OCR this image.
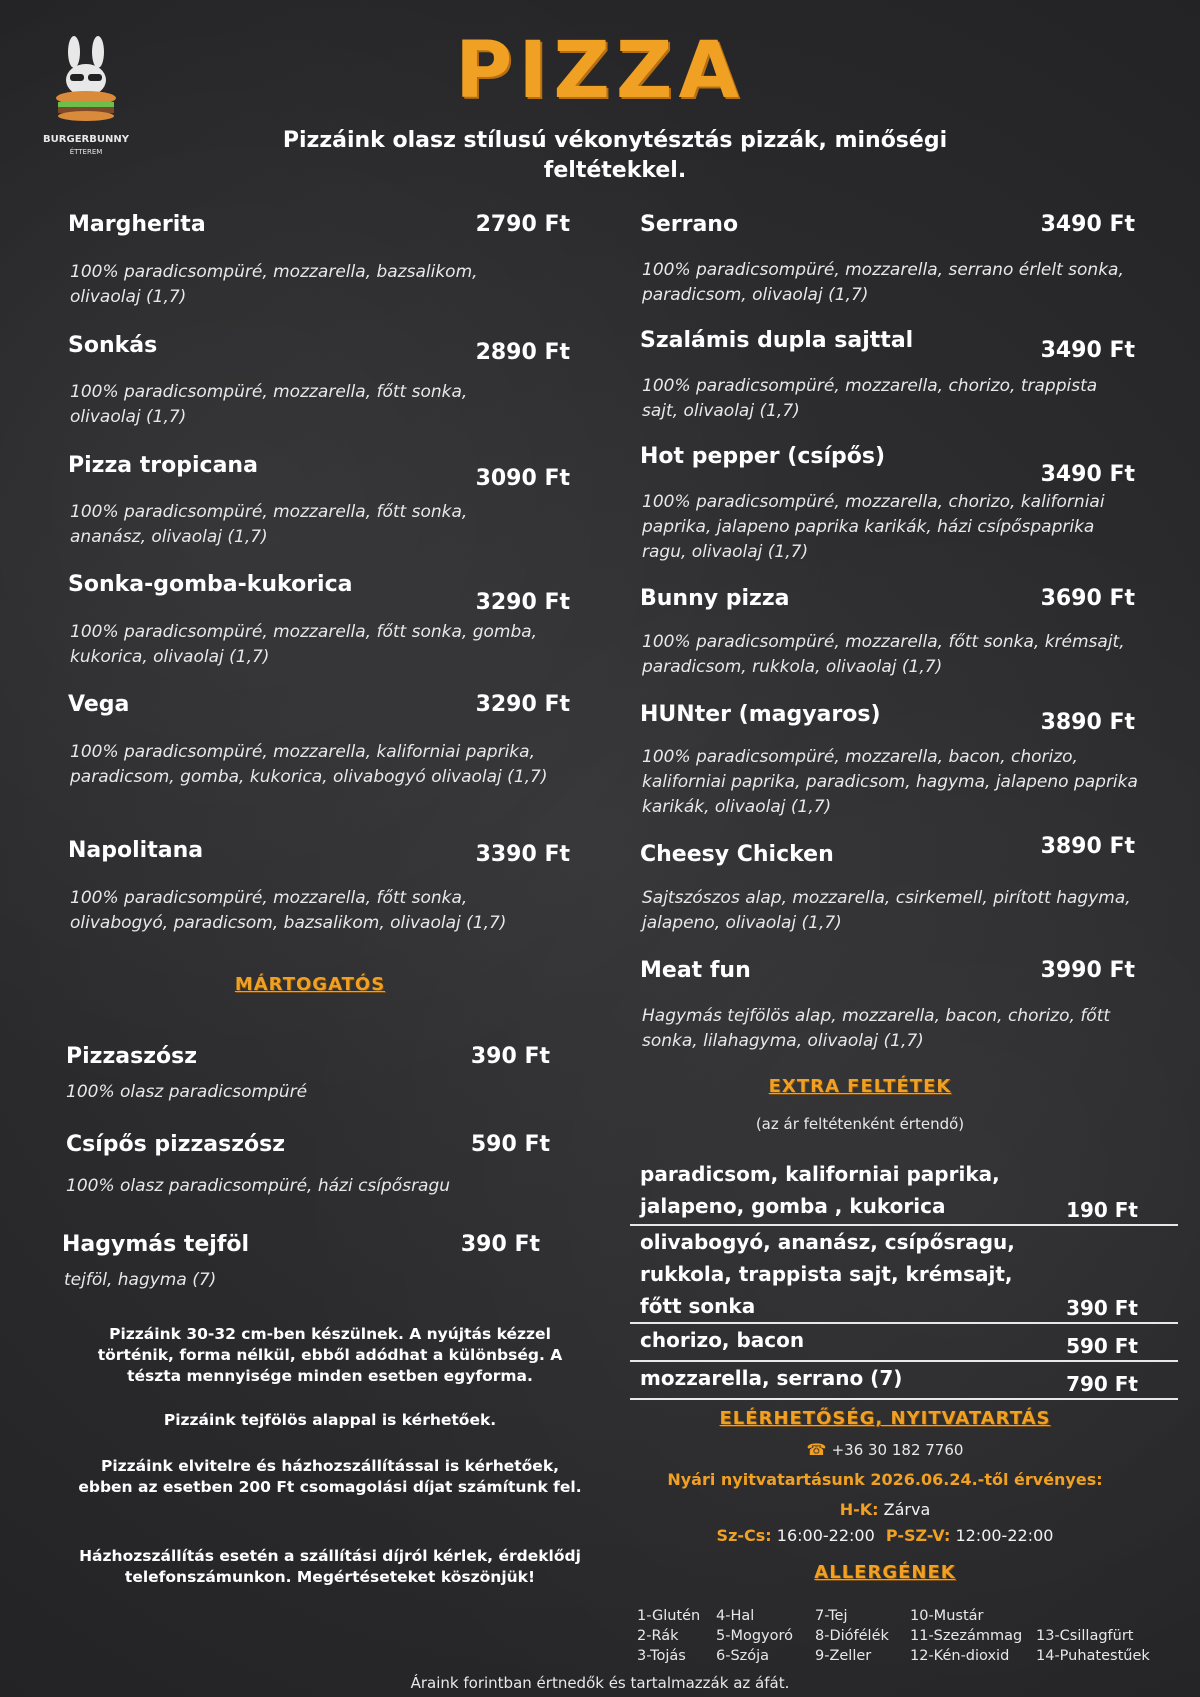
BURGERBUNNY
ÉTTEREM
PIZZA
Pizzáink olasz stílusú vékonytésztás pizzák, minőségi feltétekkel.
Margherita	2790 Ft
100% paradicsompüré, mozzarella, bazsalikom, olivaolaj (1,7)
Sonkás	2890 Ft
100% paradicsompüré, mozzarella, főtt sonka, olivaolaj (1,7)
Pizza tropicana
3090 Ft
100% paradicsompüré, mozzarella, főtt sonka, ananász, olivaolaj (1,7)
Sonka-gomba-kukorica
3290 Ft
100% paradicsompüré, mozzarella, főtt sonka, gomba, kukorica, olivaolaj (1,7)
Vega	3290 Ft
100% paradicsompüré, mozzarella, kaliforniai paprika, paradicsom, gomba, kukorica, olivabogyó olivaolaj (1,7)
Napolitana	3390 Ft
100% paradicsompüré, mozzarella, főtt sonka, olivabogyó, paradicsom, bazsalikom, olivaolaj (1,7)
Serrano	3490 Ft
100% paradicsompüré, mozzarella, serrano érlelt sonka, paradicsom, olivaolaj (1,7)
Szalámis dupla sajttal	3490 Ft
100% paradicsompüré, mozzarella, chorizo, trappista sajt, olivaolaj (1,7)
Hot pepper (csípős)
3490 Ft
100% paradicsompüré, mozzarella, chorizo, kaliforniai paprika, jalapeno paprika karikák, házi csípőspaprika ragu, olivaolaj (1,7)
Bunny pizza	3690 Ft
100% paradicsompüré, mozzarella, főtt sonka, krémsajt, paradicsom, rukkola, olivaolaj (1,7)
HUNter (magyaros)	3890 Ft
100% paradicsompüré, mozzarella, bacon, chorizo, kaliforniai paprika, paradicsom, hagyma, jalapeno paprika karikák, olivaolaj (1,7)
Cheesy Chicken	3890 Ft
Sajtszószos alap, mozzarella, csirkemell, pirított hagyma, jalapeno, olivaolaj (1,7)
Meat fun	3990 Ft
Hagymás tejfölös alap, mozzarella, bacon, chorizo, főtt sonka, lilahagyma, olivaolaj (1,7)
MÁRTOGATÓS
Pizzaszósz	390 Ft
100% olasz paradicsompüré
Csípős pizzaszósz	590 Ft
100% olasz paradicsompüré, házi csípősragu
Hagymás tejföl	390 Ft
tejföl, hagyma (7)
Pizzáink 30-32 cm-ben készülnek. A nyújtás kézzel történik, forma nélkül, ebből adódhat a különbség. A tészta mennyisége minden esetben egyforma.
Pizzáink tejfölös alappal is kérhetőek.
Pizzáink elvitelre és házhozszállítással is kérhetőek, ebben az esetben 200 Ft csomagolási díjat számítunk fel.
Házhozszállítás esetén a szállítási díjról kérlek, érdeklődj telefonszámunkon. Megértéseteket köszönjük!
EXTRA FELTÉTEK
(az ár feltétenként értendő)
paradicsom, kaliforniai paprika,
jalapeno, gomba , kukorica	190 Ft
olivabogyó, ananász, csípősragu,
rukkola, trappista sajt, krémsajt,
főtt sonka	390 Ft
chorizo, bacon	590 Ft
mozzarella, serrano (7)	790 Ft
ELÉRHETŐSÉG, NYITVATARTÁS
☎ +36 30 182 7760
Nyári nyitvatartásunk 2026.06.24.-től érvényes:
H-K: Zárva
Sz-Cs: 16:00-22:00 P-SZ-V: 12:00-22:00
ALLERGÉNEK
1-Glutén
2-Rák
3-Tojás
4-Hal
5-Mogyoró
6-Szója
7-Tej
8-Diófélék
9-Zeller
10-Mustár
11-Szezámmag
12-Kén-dioxid
13-Csillagfürt
14-Puhatestűek
Áraink forintban értnedők és tartalmazzák az áfát.
